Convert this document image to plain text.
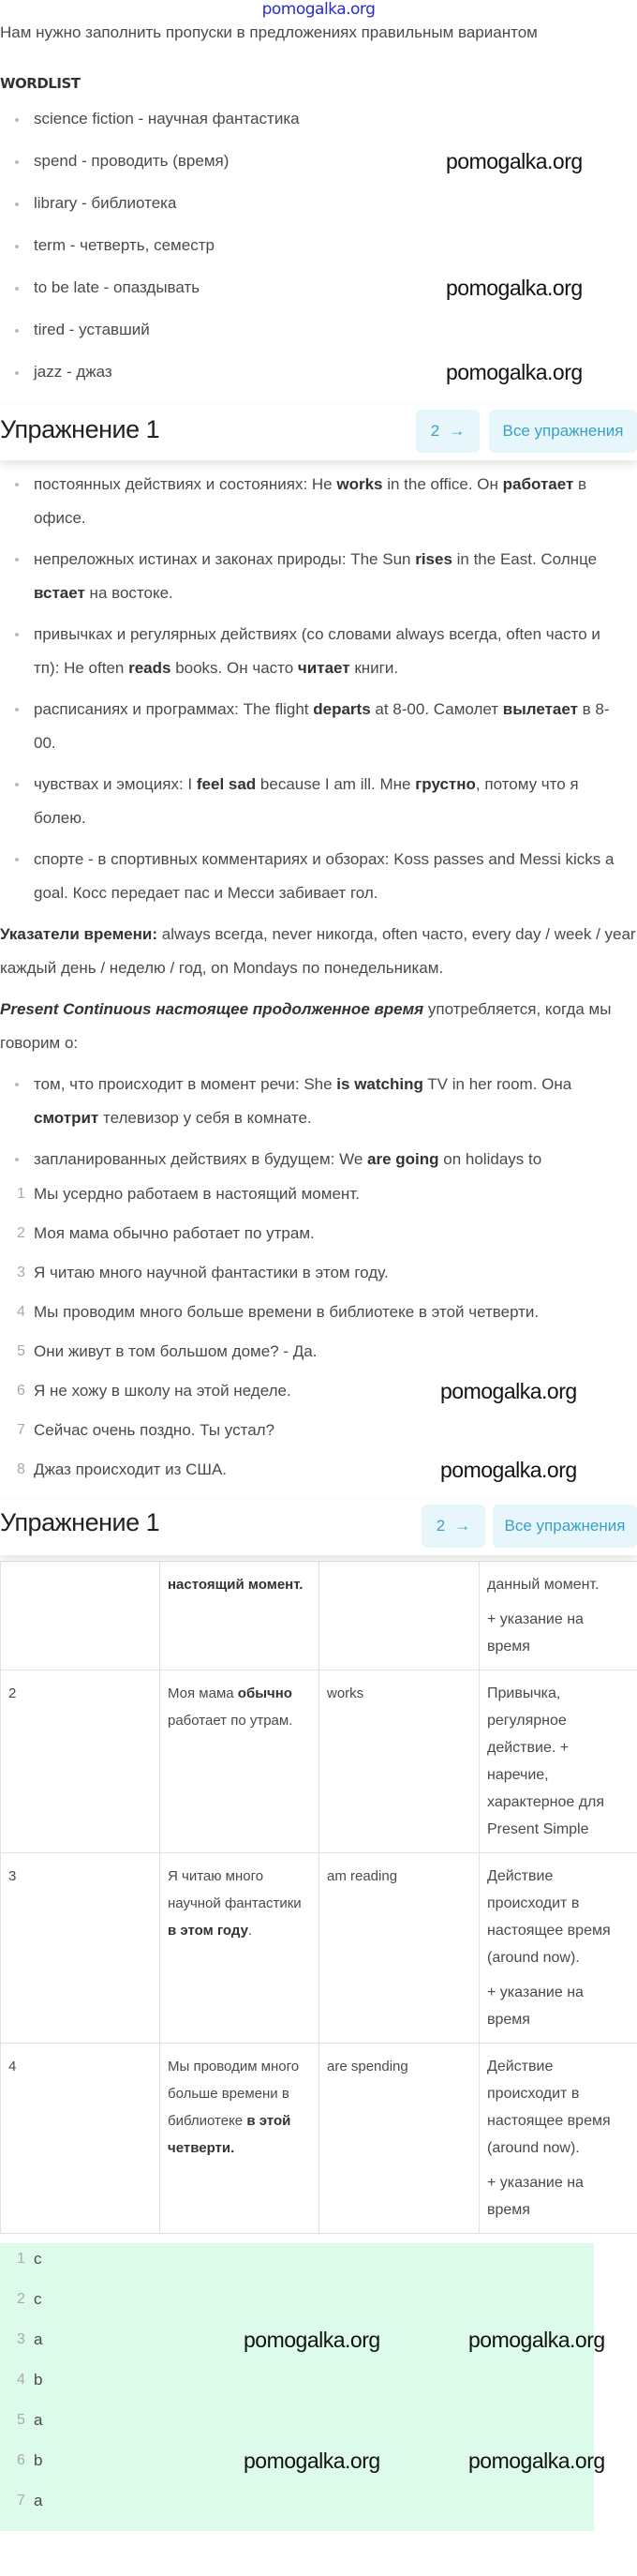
pomogalka.org
Нам нужно заполнить пропуски в предложениях правильным вариантом
WORDLIST
science fiction - научная фантастика
spend - проводить (время)	pomogalka.org
library - библиотека
term - четверть, семестр
to be late - опаздывать	pomogalka.org
tired - уставший
jazz - джаз	pomogalka.org
Упражнение 1	2 →	Все упражнения
постоянных действиях и состояниях: He works in the office. Он работает в офисе.
непреложных истинах и законах природы: The Sun rises in the East. Солнце встает на востоке.
привычках и регулярных действиях (со словами always всегда, often часто и тп): He often reads books. Он часто читает книги.
расписаниях и программах: The flight departs at 8-00. Самолет вылетает в 8-00.
чувствах и эмоциях: I feel sad because I am ill. Мне грустно, потому что я болею.
спорте - в спортивных комментариях и обзорах: Koss passes and Messi kicks a goal. Косс передает пас и Месси забивает гол.
Указатели времени: always всегда, never никогда, often часто, every day / week / year каждый день / неделю / год, on Mondays по понедельникам.
Present Continuous настоящее продолженное время употребляется, когда мы говорим о:
том, что происходит в момент речи: She is watching TV in her room. Она смотрит телевизор у себя в комнате.
запланированных действиях в будущем: We are going on holidays to
1 Мы усердно работаем в настоящий момент.
2 Моя мама обычно работает по утрам.
3 Я читаю много научной фантастики в этом году.
4 Мы проводим много больше времени в библиотеке в этой четверти.
5 Они живут в том большом доме? - Да.
6 Я не хожу в школу на этой неделе.	pomogalka.org
7 Сейчас очень поздно. Ты устал?
8 Джаз происходит из США.	pomogalka.org
Упражнение 1	2 →	Все упражнения
	настоящий момент.		данный момент.
+ указание на время

2	Моя мама обычно работает по утрам.	works	Привычка, регулярное действие. + наречие, характерное для Present Simple

3	Я читаю много научной фантастики в этом году.	am reading	Действие происходит в настоящее время (around now).
+ указание на время

4	Мы проводим много больше времени в библиотеке в этой четверти.	are spending	Действие происходит в настоящее время (around now).
+ указание на время
1 c
2 c
3 a	pomogalka.org	pomogalka.org
4 b
5 a
6 b	pomogalka.org	pomogalka.org
7 a
